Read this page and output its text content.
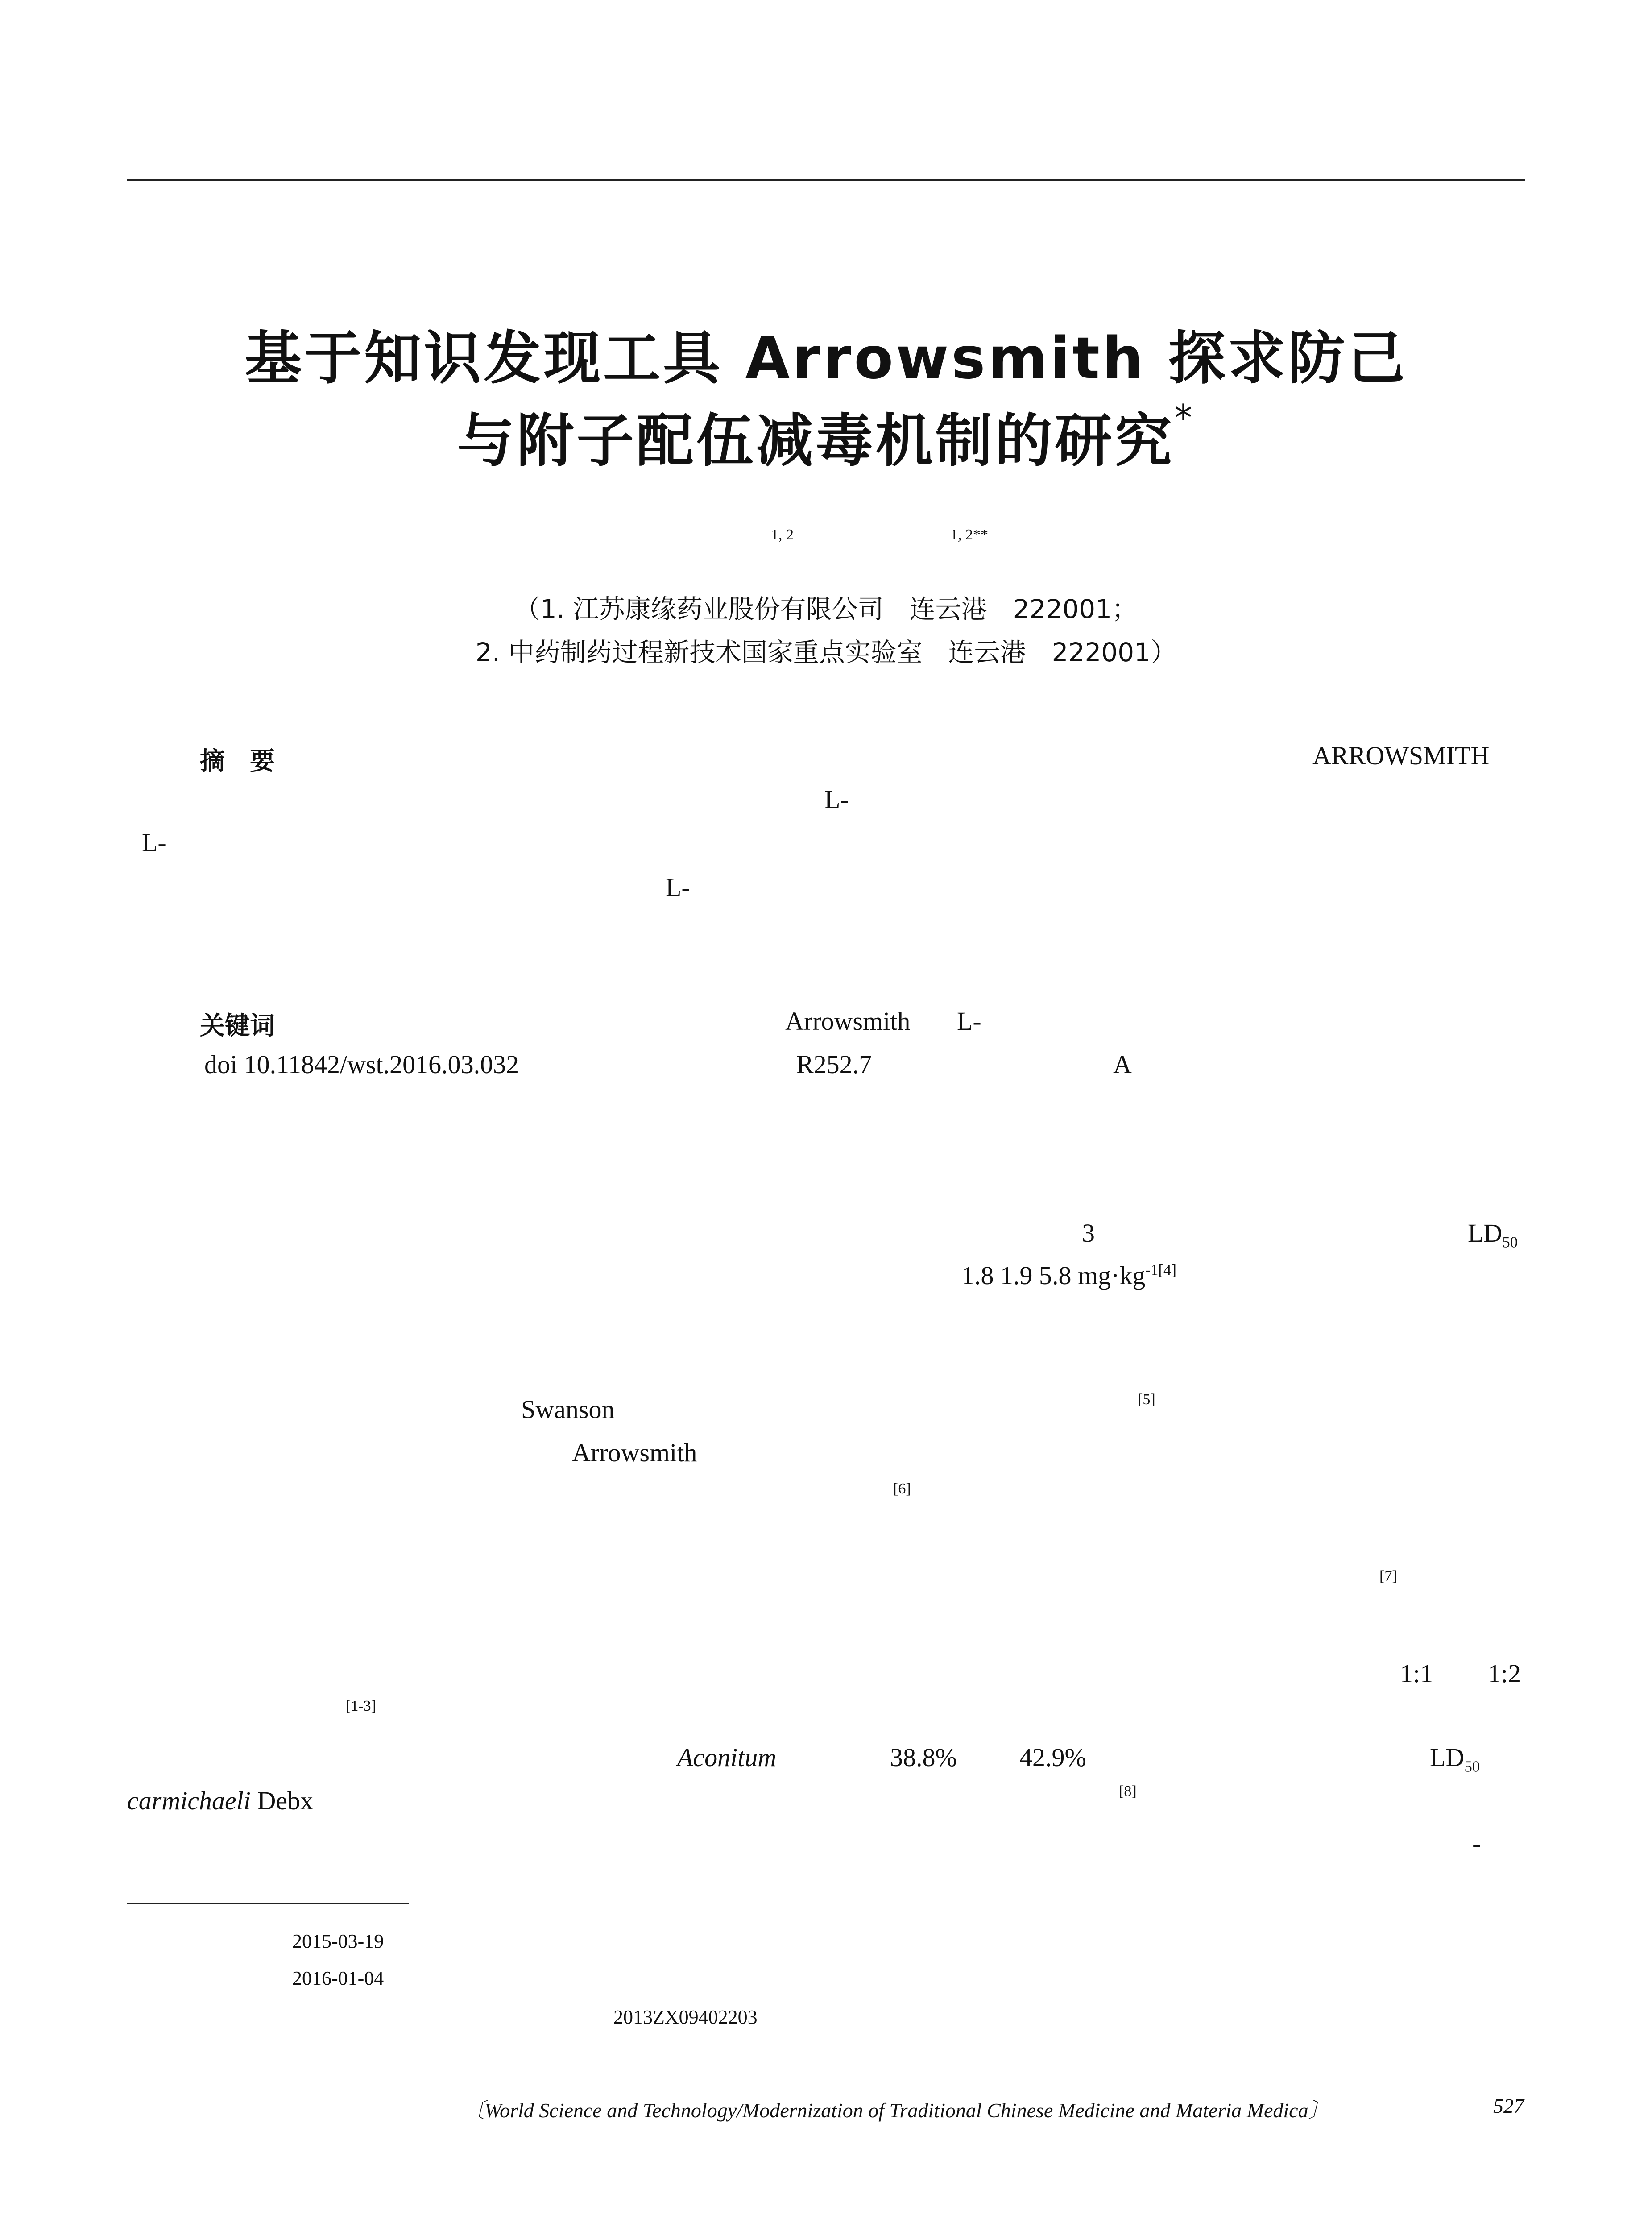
基于知识发现工具 Arrowsmith 探求防己
与附子配伍减毒机制的研究*
1, 2	1, 2**
（1. 江苏康缘药业股份有限公司　连云港　222001；
2. 中药制药过程新技术国家重点实验室　连云港　222001）
摘　要	ARROWSMITH
L-
L-
L-
关键词	Arrowsmith L-
doi 10.11842/wst.2016.03.032	R252.7	A
3	$LD_{50}$
1.8 1.9 5.8 $mg\cdot kg^{-1[4]}$
Swanson	[5]
Arrowsmith
[6]
[7]
1:1 1:2
[1-3]
Aconitum	38.8% 42.9%	$LD_{50}$
carmichaeli Debx	[8]
-
2015-03-19
2016-01-04
2013ZX09402203
〔World Science and Technology/Modernization of Traditional Chinese Medicine and Materia Medica〕	527
